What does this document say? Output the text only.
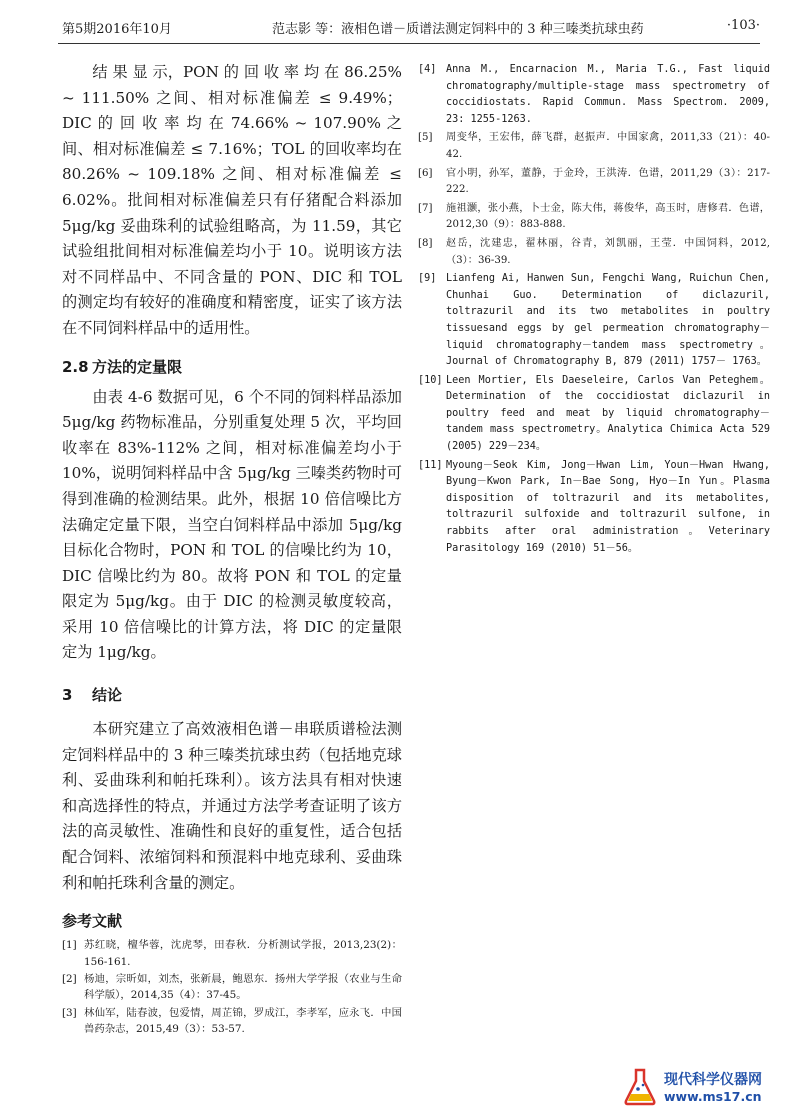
第5期2016年10月	范志影 等：液相色谱－质谱法测定饲料中的 3 种三嗪类抗球虫药	·103·

结 果 显 示，PON 的 回 收 率 均 在 86.25% ~ 111.50% 之间、相对标准偏差 ≤ 9.49%；DIC 的 回 收 率 均 在 74.66% ~ 107.90% 之 间、相对标准偏差 ≤ 7.16%；TOL 的回收率均在 80.26% ~ 109.18% 之间、相对标准偏差 ≤ 6.02%。批间相对标准偏差只有仔猪配合料添加 5μg/kg 妥曲珠利的试验组略高，为 11.59，其它试验组批间相对标准偏差均小于 10。说明该方法对不同样品中、不同含量的 PON、DIC 和 TOL 的测定均有较好的准确度和精密度，证实了该方法在不同饲料样品中的适用性。

2.8 方法的定量限

由表 4-6 数据可见，6 个不同的饲料样品添加 5μg/kg 药物标准品，分别重复处理 5 次，平均回收率在 83%-112% 之间，相对标准偏差均小于 10%，说明饲料样品中含 5μg/kg 三嗪类药物时可得到准确的检测结果。此外，根据 10 倍信噪比方法确定定量下限，当空白饲料样品中添加 5μg/kg 目标化合物时，PON 和 TOL 的信噪比约为 10，DIC 信噪比约为 80。故将 PON 和 TOL 的定量限定为 5μg/kg。由于 DIC 的检测灵敏度较高，采用 10 倍信噪比的计算方法，将 DIC 的定量限定为 1μg/kg。

3 结论

本研究建立了高效液相色谱－串联质谱检法测定饲料样品中的 3 种三嗪类抗球虫药（包括地克球利、妥曲珠利和帕托珠利）。该方法具有相对快速和高选择性的特点，并通过方法学考查证明了该方法的高灵敏性、准确性和良好的重复性，适合包括配合饲料、浓缩饲料和预混料中地克球利、妥曲珠利和帕托珠利含量的测定。

参考文献

[1] 苏红晓，檀华蓉，沈虎琴，田春秋．分析测试学报，2013,23(2)：156-161.

[2] 杨迪，宗昕如，刘杰，张新晨，鲍恩东．扬州大学学报（农业与生命科学版），2014,35（4）：37-45。

[3] 林仙军，陆春波，包爱情，周芷锦，罗成江，李孝军，应永飞．中国兽药杂志，2015,49（3）：53-57.

[4] Anna M., Encarnacion M., Maria T.G., Fast liquid chromatography/multiple-stage mass spectrometry of coccidiostats. Rapid Commun. Mass Spectrom. 2009, 23: 1255-1263.

[5] 周变华，王宏伟，薛飞群，赵振声．中国家禽，2011,33（21）：40-42.

[6] 官小明，孙军，董静，于金玲，王洪涛．色谱，2011,29（3）：217-222.

[7] 施祖灏，张小燕，卜士金，陈大伟，蒋俊华，高玉时，唐修君．色谱，2012,30（9）：883-888.

[8] 赵岳，沈建忠，翟林丽，谷青，刘凯丽，王莹．中国饲料，2012,（3）：36-39.

[9] Lianfeng Ai, Hanwen Sun, Fengchi Wang, Ruichun Chen, Chunhai Guo. Determination of diclazuril, toltrazuril and its two metabolites in poultry tissuesand eggs by gel permeation chromatography－liquid chromatography－tandem mass spectrometry。Journal of Chromatography B, 879 (2011) 1757－ 1763。

[10] Leen Mortier, Els Daeseleire, Carlos Van Peteghem。Determination of the coccidiostat diclazuril in poultry feed and meat by liquid chromatography－tandem mass spectrometry。Analytica Chimica Acta 529 (2005) 229－234。

[11] Myoung－Seok Kim, Jong－Hwan Lim, Youn－Hwan Hwang, Byung－Kwon Park, In－Bae Song, Hyo－In Yun。Plasma disposition of toltrazuril and its metabolites, toltrazuril sulfoxide and toltrazuril sulfone, in rabbits after oral administration。Veterinary Parasitology 169 (2010) 51－56。

现代科学仪器网
www.ms17.cn
